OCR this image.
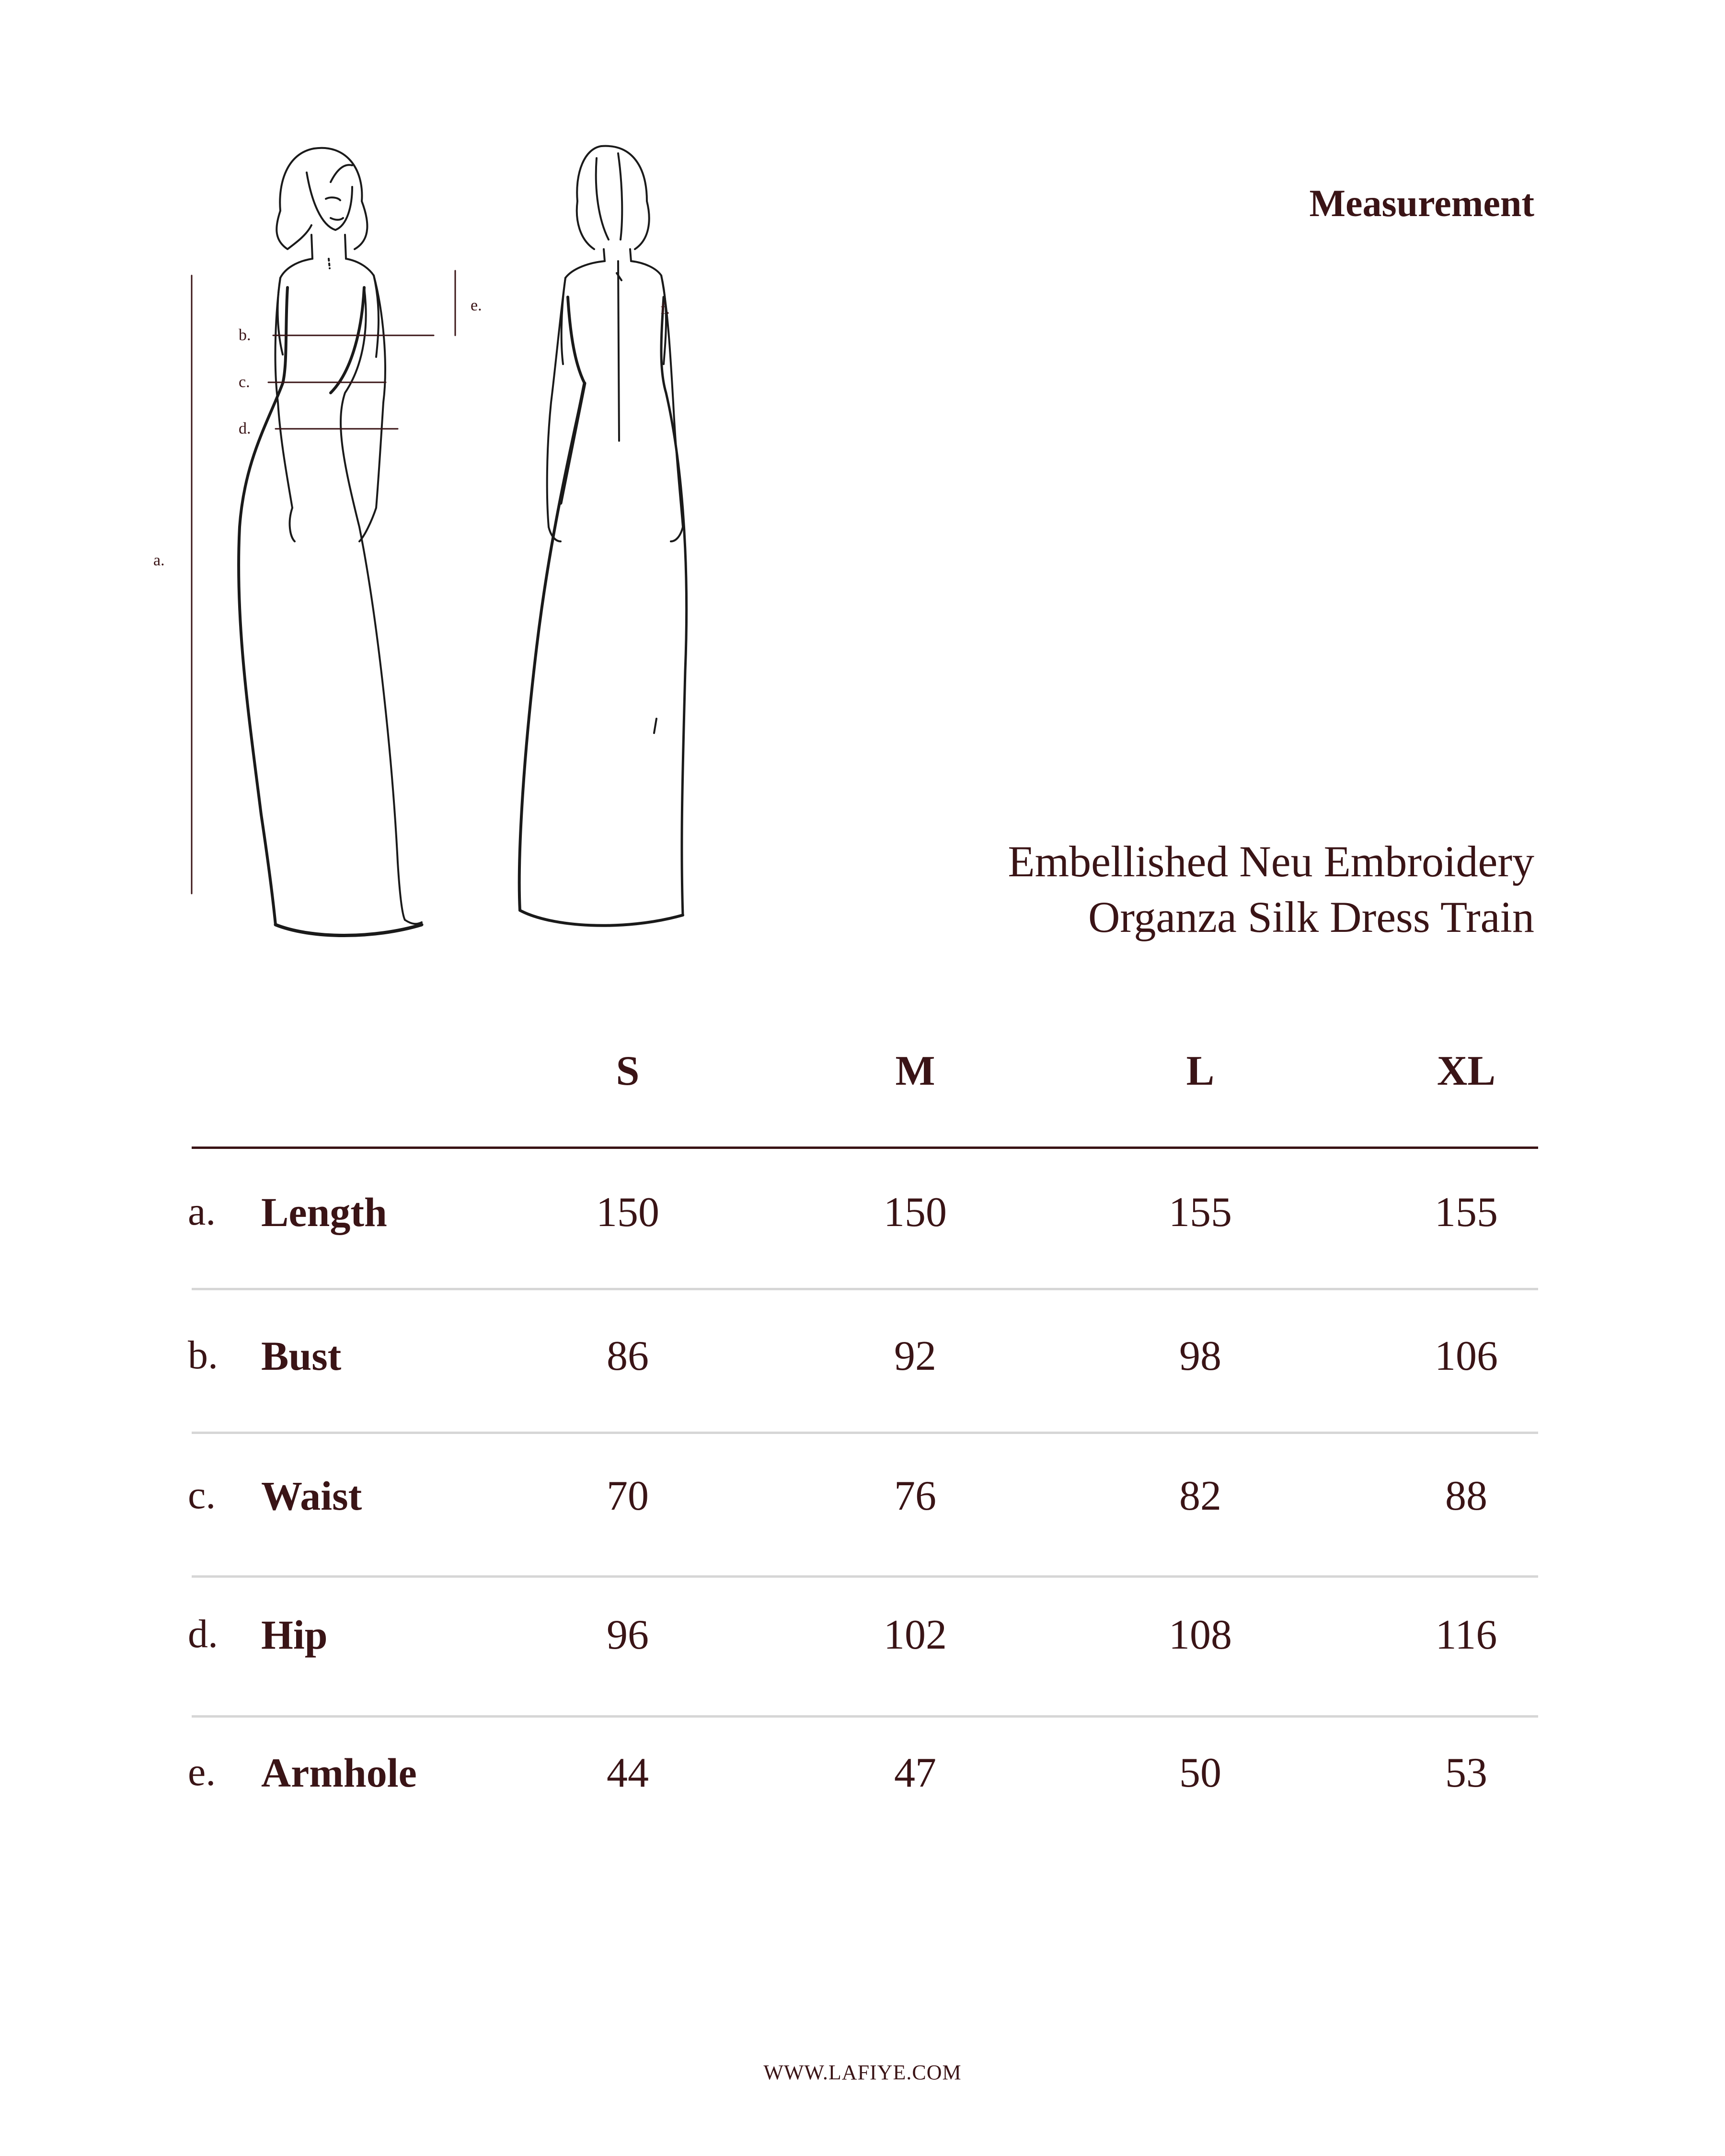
a.
b.
c.
d.
e.	f.
Measurement
Embellished Neu Embroidery
Organza Silk Dress Train
S	M	L	XL
a. Length	150	150	155	155
b. Bust	86	92	98	106
c. Waist	70	76	82	88
d. Hip	96	102	108	116
e. Armhole	44	47	50	53
WWW.LAFIYE.COM
